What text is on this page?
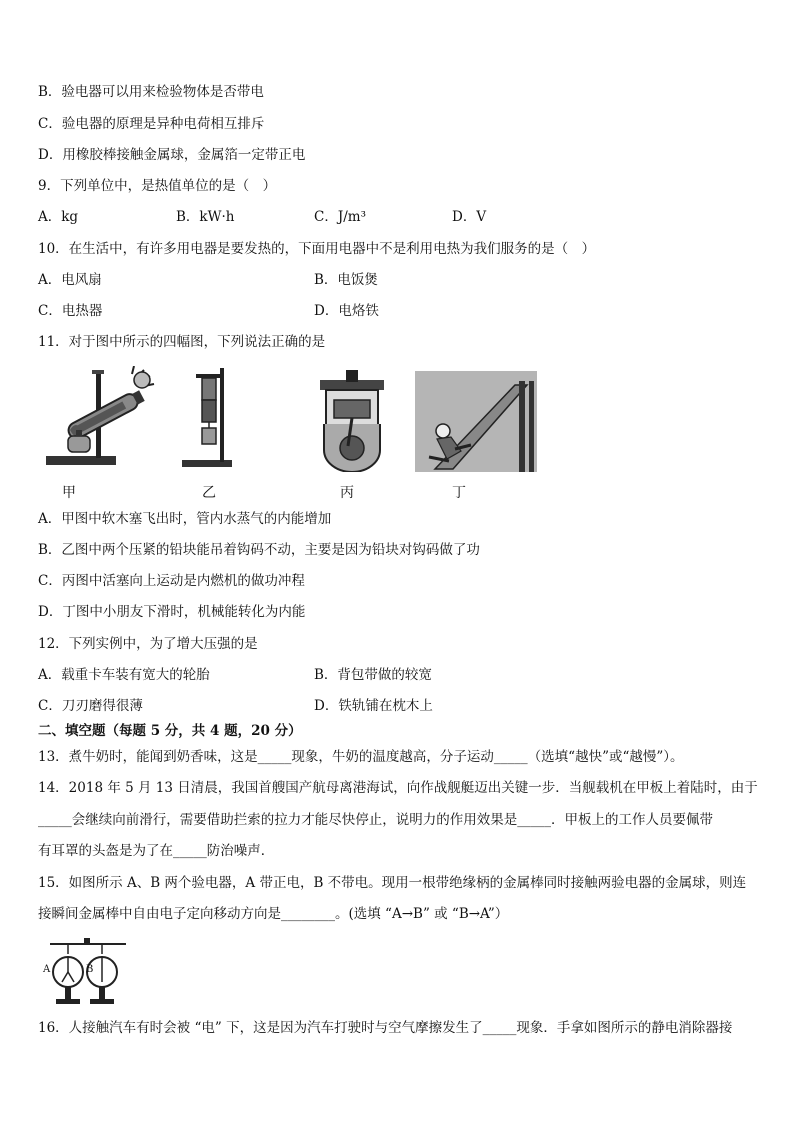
B．验电器可以用来检验物体是否带电
C．验电器的原理是异种电荷相互排斥
D．用橡胶棒接触金属球，金属箔一定带正电
9．下列单位中，是热值单位的是（　）
A．kg	B．kW·h	C．J/m³	D．V
10．在生活中，有许多用电器是要发热的，下面用电器中不是利用电热为我们服务的是（　）
A．电风扇	B．电饭煲
C．电热器	D．电烙铁
11．对于图中所示的四幅图，下列说法正确的是
甲	乙	丙	丁
A．甲图中软木塞飞出时，管内水蒸气的内能增加
B．乙图中两个压紧的铅块能吊着钩码不动，主要是因为铅块对钩码做了功
C．丙图中活塞向上运动是内燃机的做功冲程
D．丁图中小朋友下滑时，机械能转化为内能
12．下列实例中，为了增大压强的是
A．载重卡车装有宽大的轮胎	B．背包带做的较宽
C．刀刃磨得很薄	D．铁轨铺在枕木上
二、填空题（每题 5 分，共 4 题，20 分）
13．煮牛奶时，能闻到奶香味，这是_____现象，牛奶的温度越高，分子运动_____（选填“越快”或“越慢”）。
14．2018 年 5 月 13 日清晨，我国首艘国产航母离港海试，向作战舰艇迈出关键一步．当舰载机在甲板上着陆时，由于
_____会继续向前滑行，需要借助拦索的拉力才能尽快停止，说明力的作用效果是_____．甲板上的工作人员要佩带
有耳罩的头盔是为了在_____防治噪声．
15．如图所示 A、B 两个验电器，A 带正电，B 不带电。现用一根带绝缘柄的金属棒同时接触两验电器的金属球，则连
接瞬间金属棒中自由电子定向移动方向是________。(选填 “A→B” 或 “B→A”）
A	B
16．人接触汽车有时会被 “电” 下，这是因为汽车打驶时与空气摩擦发生了_____现象．手拿如图所示的静电消除器接
